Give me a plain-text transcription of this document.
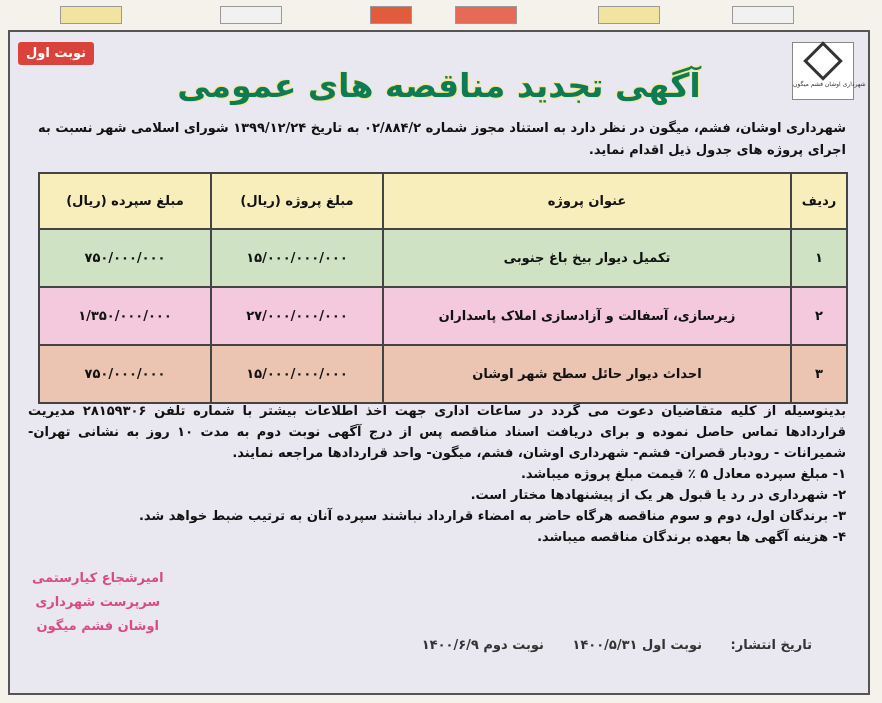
شهرداری اوشان فشم میگون
نوبت اول
آگهی تجدید مناقصه های عمومی

شهرداری اوشان، فشم، میگون در نظر دارد به استناد مجوز شماره ۰۲/۸۸۴/۲ به تاریخ ۱۳۹۹/۱۲/۲۴ شورای اسلامی شهر نسبت به اجرای پروژه های جدول ذیل اقدام نماید.

ردیف	عنوان پروژه	مبلغ پروژه (ریال)	مبلغ سپرده (ریال)
۱	تکمیل دیوار بیخ باغ جنوبی	۱۵/۰۰۰/۰۰۰/۰۰۰	۷۵۰/۰۰۰/۰۰۰
۲	زیرسازی، آسفالت و آزادسازی املاک پاسداران	۲۷/۰۰۰/۰۰۰/۰۰۰	۱/۳۵۰/۰۰۰/۰۰۰
۳	احداث دیوار حائل سطح شهر اوشان	۱۵/۰۰۰/۰۰۰/۰۰۰	۷۵۰/۰۰۰/۰۰۰
بدینوسیله از کلیه متقاضیان دعوت می گردد در ساعات اداری جهت اخذ اطلاعات بیشتر با شماره تلفن ۲۸۱۵۹۳۰۶ مدیریت قراردادها تماس حاصل نموده و برای دریافت اسناد مناقصه پس از درج آگهی نوبت دوم به مدت ۱۰ روز به نشانی تهران- شمیرانات - رودبار قصران- فشم- شهرداری اوشان، فشم، میگون- واحد قراردادها مراجعه نمایند.
۱- مبلغ سپرده معادل ۵ ٪ قیمت مبلغ پروژه میباشد.
۲- شهرداری در رد یا قبول هر یک از پیشنهادها مختار است.
۳- برندگان اول، دوم و سوم مناقصه هرگاه حاضر به امضاء قرارداد نباشند سپرده آنان به ترتیب ضبط خواهد شد.
۴- هزینه آگهی ها بعهده برندگان مناقصه میباشد.
امیرشجاع کیارستمی
سرپرست شهرداری
اوشان فشم میگون
تاریخ انتشار: نوبت اول ۱۴۰۰/۵/۳۱ نوبت دوم ۱۴۰۰/۶/۹
